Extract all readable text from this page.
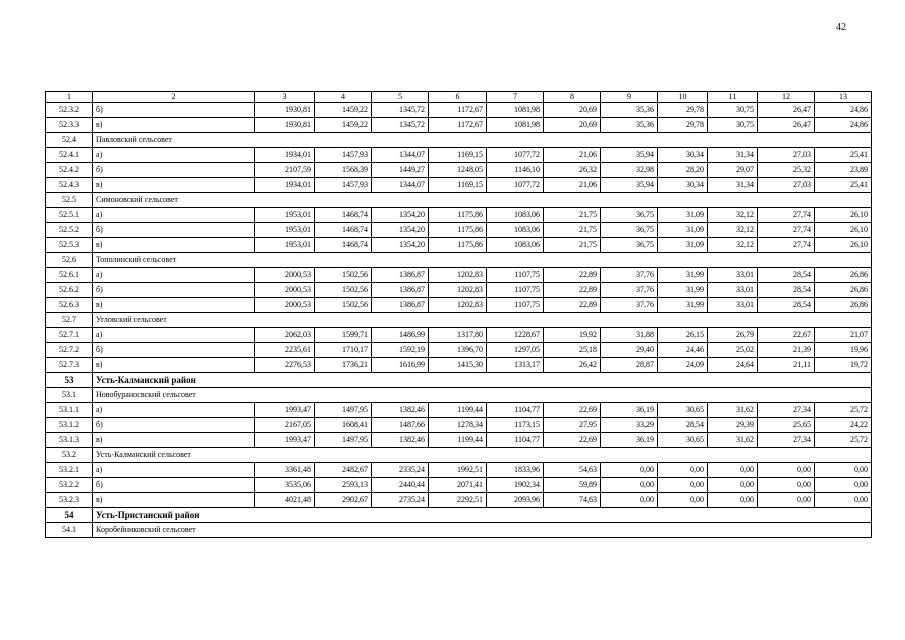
42
1	2	3	4	5	6	7	8	9	10	11	12	13
52.3.2	б)	1930,81	1459,22	1345,72	1172,67	1081,98	20,69	35,36	29,78	30,75	26,47	24,86
52.3.3	в)	1930,81	1459,22	1345,72	1172,67	1081,98	20,69	35,36	29,78	30,75	26,47	24,86
52.4	Павловский сельсовет											
52.4.1	а)	1934,01	1457,93	1344,07	1169,15	1077,72	21,06	35,94	30,34	31,34	27,03	25,41
52.4.2	б)	2107,59	1568,39	1449,27	1248,05	1146,10	26,32	32,98	28,20	29,07	25,32	23,89
52.4.3	в)	1934,01	1457,93	1344,07	1169,15	1077,72	21,06	35,94	30,34	31,34	27,03	25,41
52.5	Симоновский сельсовет											
52.5.1	а)	1953,01	1468,74	1354,20	1175,86	1083,06	21,75	36,75	31,09	32,12	27,74	26,10
52.5.2	б)	1953,01	1468,74	1354,20	1175,86	1083,06	21,75	36,75	31,09	32,12	27,74	26,10
52.5.3	в)	1953,01	1468,74	1354,20	1175,86	1083,06	21,75	36,75	31,09	32,12	27,74	26,10
52.6	Тополинский сельсовет											
52.6.1	а)	2000,53	1502,56	1386,87	1202,83	1107,75	22,89	37,76	31,99	33,01	28,54	26,86
52.6.2	б)	2000,53	1502,56	1386,87	1202,83	1107,75	22,89	37,76	31,99	33,01	28,54	26,86
52.6.3	в)	2000,53	1502,56	1386,87	1202,83	1107,75	22,89	37,76	31,99	33,01	28,54	26,86
52.7	Угловский сельсовет											
52.7.1	а)	2062,03	1599,71	1486,99	1317,80	1228,67	19,92	31,88	26,15	26,79	22,67	21,07
52.7.2	б)	2235,61	1710,17	1592,19	1396,70	1297,05	25,18	29,40	24,46	25,02	21,39	19,96
52.7.3	в)	2276,53	1736,21	1616,99	1415,30	1313,17	26,42	28,87	24,09	24,64	21,11	19,72
53	Усть-Калманский район											
53.1	Новобураносвский сельсовет											
53.1.1	а)	1993,47	1497,95	1382,46	1199,44	1104,77	22,69	36,19	30,65	31,62	27,34	25,72
53.1.2	б)	2167,05	1608,41	1487,66	1278,34	1173,15	27,95	33,29	28,54	29,39	25,65	24,22
53.1.3	в)	1993,47	1497,95	1382,46	1199,44	1104,77	22,69	36,19	30,65	31,62	27,34	25,72
53.2	Усть-Калманский сельсовет											
53.2.1	а)	3361,48	2482,67	2335,24	1992,51	1833,96	54,63	0,00	0,00	0,00	0,00	0,00
53.2.2	б)	3535,06	2593,13	2440,44	2071,41	1902,34	59,89	0,00	0,00	0,00	0,00	0,00
53.2.3	в)	4021,48	2902,67	2735,24	2292,51	2093,96	74,63	0,00	0,00	0,00	0,00	0,00
54	Усть-Пристанский район											
54.1	Коробейниковский сельсовет											
